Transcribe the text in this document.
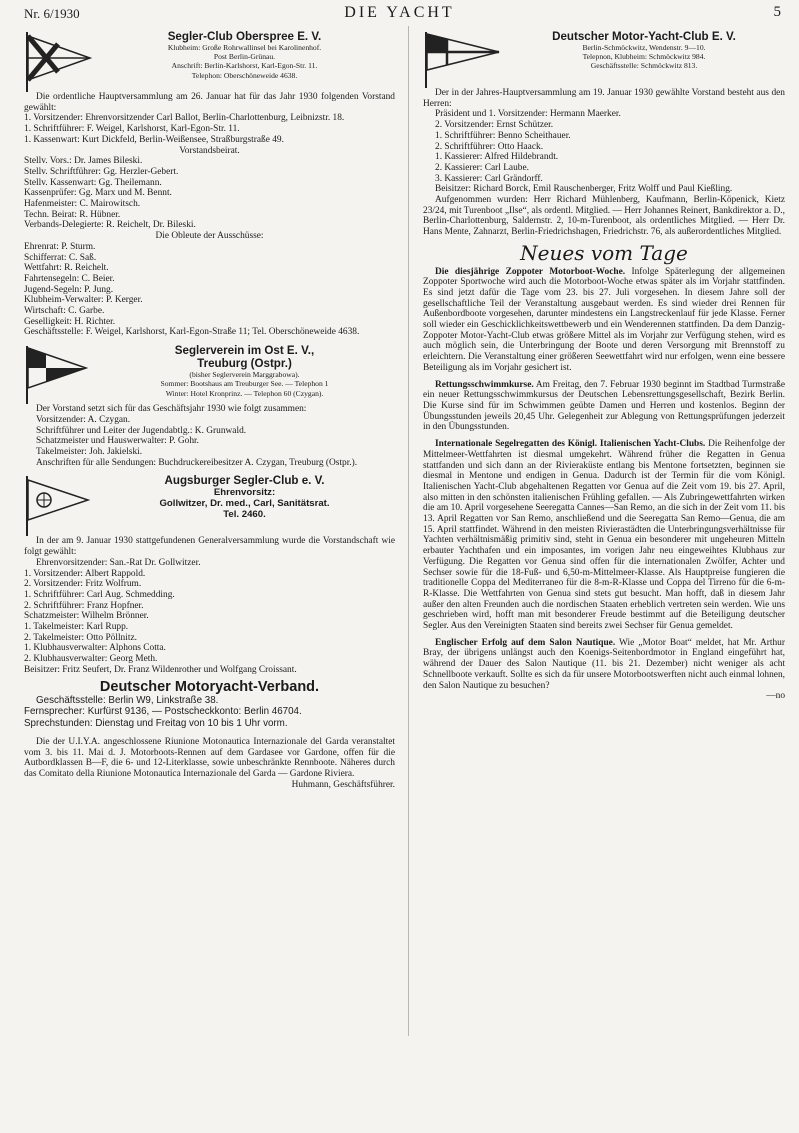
Nr. 6/1930	DIE YACHT	5
Segler-Club Oberspree E. V.
Klubheim: Große Rohrwallinsel bei Karolinenhof.
Post Berlin-Grünau.
Anschrift: Berlin-Karlshorst, Karl-Egon-Str. 11.
Telephon: Oberschöneweide 4638.

Die ordentliche Hauptversammlung am 26. Januar hat für das Jahr 1930 folgenden Vorstand gewählt:

1. Vorsitzender: Ehrenvorsitzender Carl Ballot, Berlin-Charlottenburg, Leibnizstr. 18.

1. Schriftführer: F. Weigel, Karlshorst, Karl-Egon-Str. 11.

1. Kassenwart: Kurt Dickfeld, Berlin-Weißensee, Straßburgstraße 49.

Vorstandsbeirat.

Stellv. Vors.: Dr. James Bileski.

Stellv. Schriftführer: Gg. Herzler-Gebert.

Stellv. Kassenwart: Gg. Theilemann.

Kassenprüfer: Gg. Marx und M. Bennt.

Hafenmeister: C. Mairowitsch.

Techn. Beirat: R. Hübner.

Verbands-Delegierte: R. Reichelt, Dr. Bileski.

Die Obleute der Ausschüsse:

Ehrenrat: P. Sturm.

Schifferrat: C. Saß.

Wettfahrt: R. Reichelt.

Fahrtensegeln: C. Beier.

Jugend-Segeln: P. Jung.

Klubheim-Verwalter: P. Kerger.

Wirtschaft: C. Garbe.

Geselligkeit: H. Richter.

Geschäftsstelle: F. Weigel, Karlshorst, Karl-Egon-Straße 11; Tel. Oberschöneweide 4638.

Seglerverein im Ost E. V.,
Treuburg (Ostpr.)
(bisher Seglerverein Marggrabowa).
Sommer: Bootshaus am Treuburger See. — Telephon 1
Winter: Hotel Kronprinz. — Telephon 60 (Czygan).

Der Vorstand setzt sich für das Geschäftsjahr 1930 wie folgt zusammen:

Vorsitzender: A. Czygan.

Schriftführer und Leiter der Jugendabtlg.: K. Grunwald.

Schatzmeister und Hauswerwalter: P. Gohr.

Takelmeister: Joh. Jakielski.

Anschriften für alle Sendungen: Buchdruckereibesitzer A. Czygan, Treuburg (Ostpr.).

Augsburger Segler-Club e. V.
Ehrenvorsitz:
Gollwitzer, Dr. med., Carl, Sanitätsrat.
Tel. 2460.

In der am 9. Januar 1930 stattgefundenen Generalversammlung wurde die Vorstandschaft wie folgt gewählt:

Ehrenvorsitzender: San.-Rat Dr. Gollwitzer.

1. Vorsitzender: Albert Rappold.

2. Vorsitzender: Fritz Wolfrum.

1. Schriftführer: Carl Aug. Schmedding.

2. Schriftführer: Franz Hopfner.

Schatzmeister: Wilhelm Brönner.

1. Takelmeister: Karl Rupp.

2. Takelmeister: Otto Pöllnitz.

1. Klubhausverwalter: Alphons Cotta.

2. Klubhausverwalter: Georg Meth.

Beisitzer: Fritz Seufert, Dr. Franz Wildenrother und Wolfgang Croissant.

Deutscher Motoryacht-Verband.

Geschäftsstelle: Berlin W9, Linkstraße 38.

Fernsprecher: Kurfürst 9136, — Postscheckkonto: Berlin 46704.

Sprechstunden: Dienstag und Freitag von 10 bis 1 Uhr vorm.

Die der U.I.Y.A. angeschlossene Riunione Motonautica Internazionale del Garda veranstaltet vom 3. bis 11. Mai d. J. Motorboots-Rennen auf dem Gardasee vor Gardone, offen für die Autbordklassen B—F, die 6- und 12-Literklasse, sowie unbeschränkte Rennboote. Näheres durch das Comitato della Riunione Motonautica Internazionale del Garda — Gardone Riviera.

Huhmann, Geschäftsführer.

Deutscher Motor-Yacht-Club E. V.
Berlin-Schmöckwitz, Wendenstr. 9—10.
Telepnon, Klubheim: Schmöckwitz 984.
Geschäftsstelle: Schmöckwitz 813.

Der in der Jahres-Hauptversammlung am 19. Januar 1930 gewählte Vorstand besteht aus den Herren:

Präsident und 1. Vorsitzender: Hermann Maerker.

2. Vorsitzender: Ernst Schützer.

1. Schriftführer: Benno Scheithauer.

2. Schriftführer: Otto Haack.

1. Kassierer: Alfred Hildebrandt.

2. Kassierer: Carl Laube.

3. Kassierer: Carl Grändorff.

Beisitzer: Richard Borck, Emil Rauschenberger, Fritz Wolff und Paul Kießling.

Aufgenommen wurden: Herr Richard Mühlenberg, Kaufmann, Berlin-Köpenick, Kietz 23/24, mit Turenboot „Ilse“, als ordentl. Mitglied. — Herr Johannes Reinert, Bankdirektor a. D., Berlin-Charlottenburg, Saldernstr. 2, 10-m-Turenboot, als ordentliches Mitglied. — Herr Dr. Hans Mente, Zahnarzt, Berlin-Friedrichshagen, Friedrichstr. 76, als außerordentliches Mitglied.

Neues vom Tage

Die diesjährige Zoppoter Motorboot-Woche. Infolge Späterlegung der allgemeinen Zoppoter Sportwoche wird auch die Motorboot-Woche etwas später als im Vorjahr stattfinden. Es sind jetzt dafür die Tage vom 23. bis 27. Juli vorgesehen. In diesem Jahre soll der gesellschaftliche Teil der Veranstaltung ausgebaut werden. Es sind wieder drei Rennen für Außenbordboote vorgesehen, darunter mindestens ein Langstreckenlauf für jede Klasse. Ferner soll wieder ein Geschicklichkeitswettbewerb und ein Wenderennen stattfinden. Da dem Danzig-Zoppoter Motor-Yacht-Club etwas größere Mittel als im Vorjahr zur Verfügung stehen, wird es auch möglich sein, die Unterbringung der Boote und deren Versorgung mit Brennstoff zu erleichtern. Die Veranstaltung einer größeren Seewettfahrt wird nur erfolgen, wenn eine bessere Beteiligung als im Vorjahr gesichert ist.

Rettungsschwimmkurse. Am Freitag, den 7. Februar 1930 beginnt im Stadtbad Turmstraße ein neuer Rettungsschwimmkursus der Deutschen Lebensrettungsgesellschaft, Bezirk Berlin. Die Kurse sind für im Schwimmen geübte Damen und Herren und kostenlos. Beginn der Übungsstunden jeweils 20,45 Uhr. Gelegenheit zur Ablegung von Rettungsprüfungen jederzeit in den Übungsstunden.

Internationale Segelregatten des Königl. Italienischen Yacht-Clubs. Die Reihenfolge der Mittelmeer-Wettfahrten ist diesmal umgekehrt. Während früher die Regatten in Genua stattfanden und sich dann an der Rivieraküste entlang bis Mentone fortsetzten, beginnen sie diesmal in Mentone und endigen in Genua. Dadurch ist der Termin für die vom Königl. Italienischen Yacht-Club abgehaltenen Regatten vor Genua auf die Zeit vom 19. bis 27. April, also mitten in den schönsten italienischen Frühling gefallen. — Als Zubringewettfahrten wirken die am 10. April vorgesehene Seeregatta Cannes—San Remo, an die sich in der Zeit vom 11. bis 13. April Regatten vor San Remo, anschließend und die Seeregatta San Remo—Genua, die am 15. April stattfindet. Während in den meisten Rivierastädten die Unterbringungsverhältnisse für Yachten verhältnismäßig primitiv sind, steht in Genua ein besonderer mit ungeheuren Mitteln erbauter Yachthafen und ein imposantes, im vorigen Jahr neu eingeweihtes Klubhaus zur Verfügung. Die Regatten vor Genua sind offen für die internationalen Zwölfer, Achter und Sechser sowie für die 18-Fuß- und 6,50-m-Mittelmeer-Klasse. Als Hauptpreise fungieren die traditionelle Coppa del Mediterraneo für die 8-m-R-Klasse und Coppa del Tirreno für die 6-m-R-Klasse. Die Wettfahrten von Genua sind stets gut besucht. Man hofft, daß in diesem Jahr außer den alten Freunden auch die nordischen Staaten erheblich vertreten sein werden. Wie uns geschrieben wird, hofft man mit besonderer Freude bestimmt auf die Beteiligung deutscher Segler. Aus den Vereinigten Staaten sind bereits zwei Sechser für Genua gemeldet.

Englischer Erfolg auf dem Salon Nautique. Wie „Motor Boat“ meldet, hat Mr. Arthur Bray, der übrigens unlängst auch den Koenigs-Seitenbordmotor in England eingeführt hat, während der Dauer des Salon Nautique (11. bis 21. Dezember) nicht weniger als acht Schnellboote verkauft. Sollte es sich da für unsere Motorbootswerften nicht auch einmal lohnen, den Salon Nautique zu besuchen?

—no
